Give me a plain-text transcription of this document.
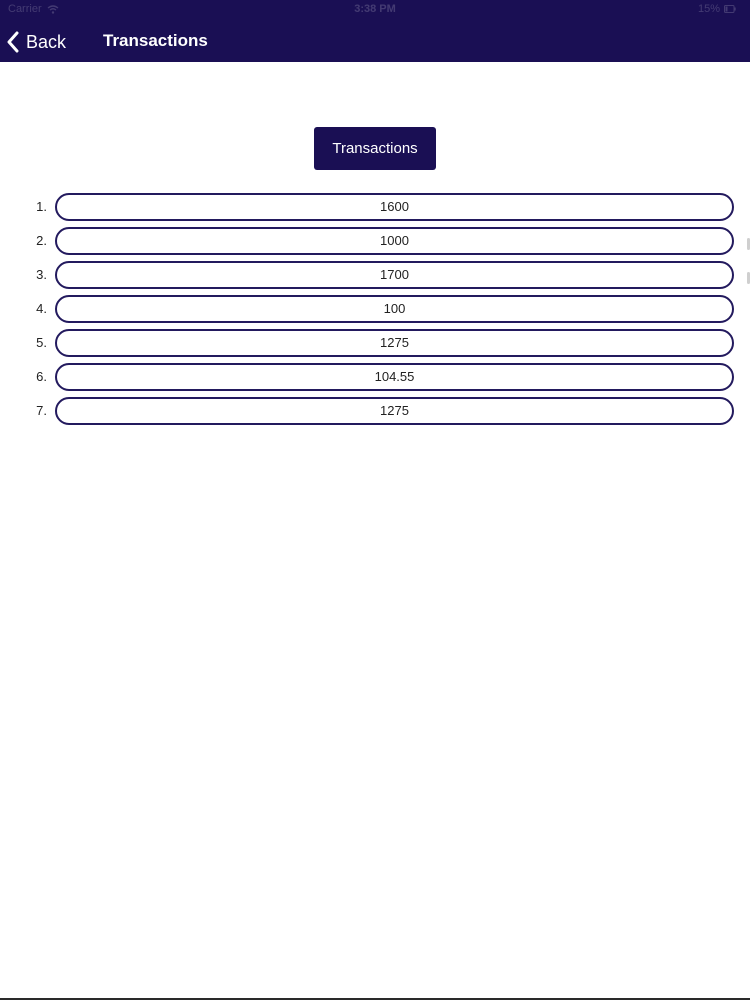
Carrier	3:38 PM	15%
Back Transactions
Transactions
1.	1600
2.	1000
3.	1700
4.	100
5.	1275
6.	104.55
7.	1275
